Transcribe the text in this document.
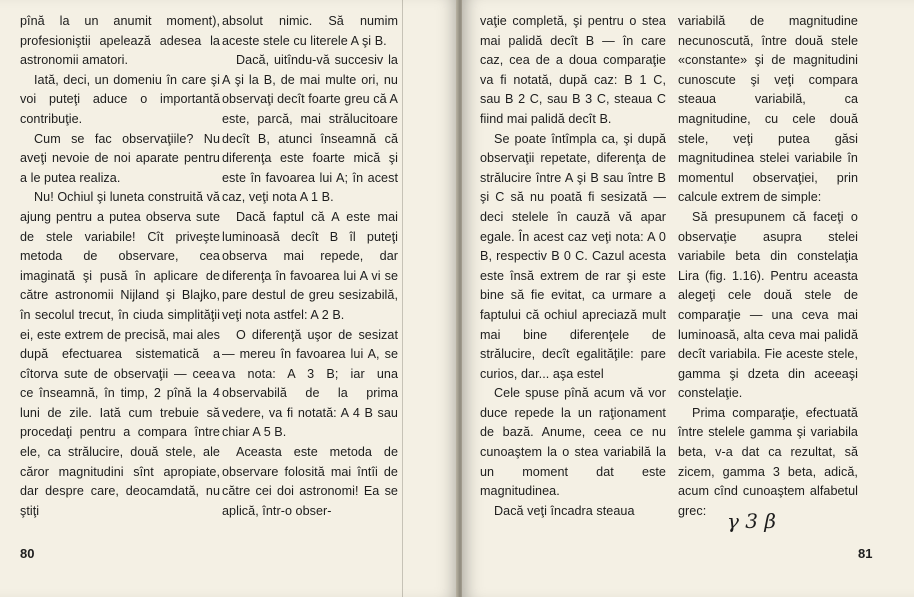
pînă la un anumit moment), profesioniştii apelează adesea la astronomii amatori.

Iată, deci, un domeniu în care şi voi puteţi aduce o importantă contribuţie.

Cum se fac observaţiile? Nu aveţi nevoie de noi aparate pentru a le putea realiza.

Nu! Ochiul şi luneta construită vă ajung pentru a putea observa sute de stele variabile! Cît priveşte metoda de observare, cea imaginată şi pusă în aplicare de către astronomii Nijland şi Blajko, în secolul trecut, în ciuda simplităţii ei, este extrem de precisă, mai ales după efectuarea sistematică a cîtorva sute de observaţii — ceea ce înseamnă, în timp, 2 pînă la 4 luni de zile. Iată cum trebuie să procedaţi pentru a compara între ele, ca strălucire, două stele, ale căror magnitudini sînt apropiate, dar despre care, deocamdată, nu ştiţi

absolut nimic. Să numim aceste stele cu literele A şi B.

Dacă, uitîndu-vă succesiv la A şi la B, de mai multe ori, nu observaţi decît foarte greu că A este, parcă, mai strălucitoare decît B, atunci înseamnă că diferenţa este foarte mică şi este în favoarea lui A; în acest caz, veţi nota A 1 B.

Dacă faptul că A este mai luminoasă decît B îl puteţi observa mai repede, dar diferenţa în favoarea lui A vi se pare destul de greu sesizabilă, veţi nota astfel: A 2 B.

O diferenţă uşor de sesizat — mereu în favoarea lui A, se va nota: A 3 B; iar una observabilă de la prima vedere, va fi notată: A 4 B sau chiar A 5 B.

Aceasta este metoda de observare folosită mai întîi de către cei doi astronomi! Ea se aplică, într-o obser-

80

vaţie completă, şi pentru o stea mai palidă decît B — în care caz, cea de a doua comparaţie va fi notată, după caz: B 1 C, sau B 2 C, sau B 3 C, steaua C fiind mai palidă decît B.

Se poate întîmpla ca, şi după observaţii repetate, diferenţa de strălucire între A şi B sau între B şi C să nu poată fi sesizată — deci stelele în cauză vă apar egale. În acest caz veţi nota: A 0 B, respectiv B 0 C. Cazul acesta este însă extrem de rar şi este bine să fie evitat, ca urmare a faptului că ochiul apreciază mult mai bine diferenţele de strălucire, decît egalităţile: pare curios, dar... aşa estel

Cele spuse pînă acum vă vor duce repede la un raţionament de bază. Anume, ceea ce nu cunoaştem la o stea variabilă la un moment dat este magnitudinea.

Dacă veţi încadra steaua

variabilă de magnitudine necunoscută, între două stele «constante» şi de magnitudini cunoscute şi veţi compara steaua variabilă, ca magnitudine, cu cele două stele, veţi putea găsi magnitudinea stelei variabile în momentul observaţiei, prin calcule extrem de simple:

Să presupunem că faceţi o observaţie asupra stelei variabile beta din constelaţia Lira (fig. 1.16). Pentru aceasta alegeţi cele două stele de comparaţie — una ceva mai luminoasă, alta ceva mai palidă decît variabila. Fie aceste stele, gamma şi dzeta din aceeaşi constelaţie.

Prima comparaţie, efectuată între stelele gamma şi variabila beta, v-a dat ca rezultat, să zicem, gamma 3 beta, adică, acum cînd cunoaştem alfabetul grec:	γ 3 β
81
